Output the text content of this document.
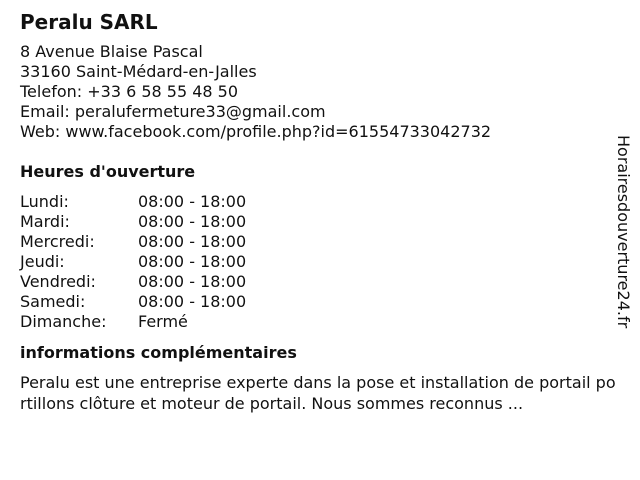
Peralu SARL
8 Avenue Blaise Pascal
33160 Saint-Médard-en-Jalles
Telefon: +33 6 58 55 48 50
Email: peralufermeture33@gmail.com
Web: www.facebook.com/profile.php?id=61554733042732
Heures d'ouverture
Lundi:	08:00 - 18:00
Mardi:	08:00 - 18:00
Mercredi:	08:00 - 18:00
Jeudi:	08:00 - 18:00
Vendredi:	08:00 - 18:00
Samedi:	08:00 - 18:00
Dimanche:	Fermé
informations complémentaires
Peralu est une entreprise experte dans la pose et installation de portail portillons clôture et moteur de portail. Nous sommes reconnus ...
Horairesdouverture24.fr
